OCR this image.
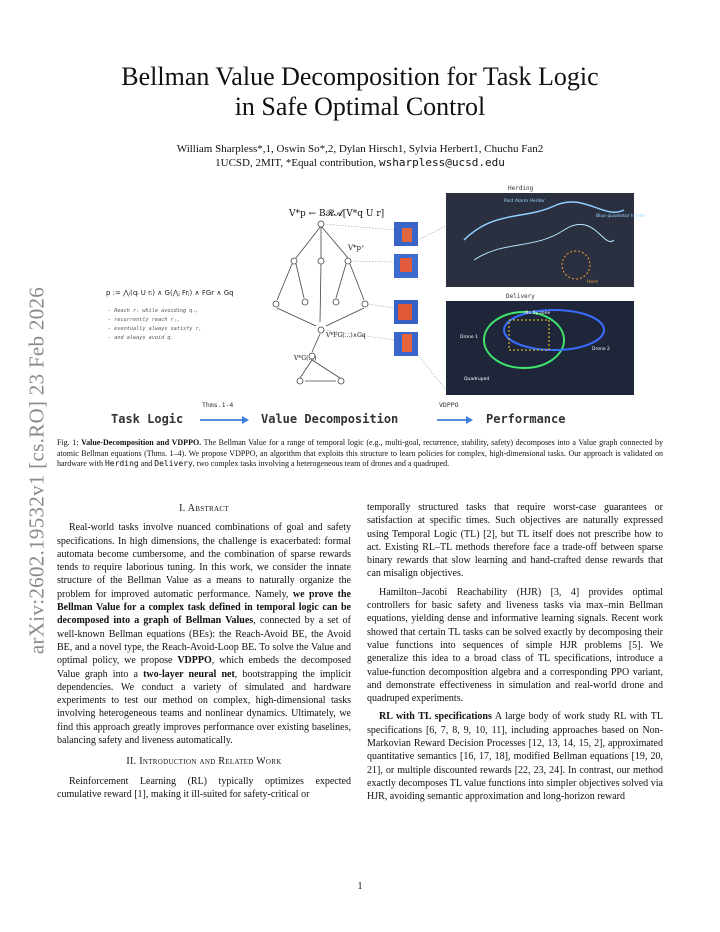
arXiv:2602.19532v1 [cs.RO] 23 Feb 2026
Bellman Value Decomposition for Task Logic
in Safe Optimal Control
William Sharpless*,1, Oswin So*,2, Dylan Hirsch1, Sylvia Herbert1, Chuchu Fan2
1UCSD, 2MIT, *Equal contribution, wsharpless@ucsd.edu
p := ⋀ᵢ(qᵢ U rᵢ) ∧ G(⋀ⱼ Frⱼ) ∧ FGr ∧ Gq
- Reach rᵢ while avoiding qᵢ,
- recurrently reach rⱼ,
- eventually always satisfy r,
- and always avoid q.
V*p ← B𝓡𝓐[V*q U r]
V*p⁺
V*FG(...)∧Gq
V*G(...)
Herding
Post Alarm Herder
Blue quadrotor herder
Herd
Delivery
No fly zone
Drone 1
Drone 2
Quadruped
Task Logic
Thms.1-4
Value Decomposition
VDPPO
Performance
Fig. 1: Value-Decomposition and VDPPO. The Bellman Value for a range of temporal logic (e.g., multi-goal, recurrence, stability, safety) decomposes into a Value graph connected by atomic Bellman equations (Thms. 1–4). We propose VDPPO, an algorithm that exploits this structure to learn policies for complex, high-dimensional tasks. Our approach is validated on hardware with Herding and Delivery, two complex tasks involving a heterogeneous team of drones and a quadruped.
I. Abstract

Real-world tasks involve nuanced combinations of goal and safety specifications. In high dimensions, the challenge is exacerbated: formal automata become cumbersome, and the combination of sparse rewards tends to require laborious tuning. In this work, we consider the innate structure of the Bellman Value as a means to naturally organize the problem for improved automatic performance. Namely, we prove the Bellman Value for a complex task defined in temporal logic can be decomposed into a graph of Bellman Values, connected by a set of well-known Bellman equations (BEs): the Reach-Avoid BE, the Avoid BE, and a novel type, the Reach-Avoid-Loop BE. To solve the Value and optimal policy, we propose VDPPO, which embeds the decomposed Value graph into a two-layer neural net, bootstrapping the implicit dependencies. We conduct a variety of simulated and hardware experiments to test our method on complex, high-dimensional tasks involving heterogeneous teams and nonlinear dynamics. Ultimately, we find this approach greatly improves performance over existing baselines, balancing safety and liveness automatically.

II. Introduction and Related Work

Reinforcement Learning (RL) typically optimizes expected cumulative reward [1], making it ill-suited for safety-critical or

temporally structured tasks that require worst-case guarantees or satisfaction at specific times. Such objectives are naturally expressed using Temporal Logic (TL) [2], but TL itself does not prescribe how to act. Existing RL–TL methods therefore face a trade-off between sparse binary rewards that slow learning and hand-crafted dense rewards that can misalign objectives.

Hamilton–Jacobi Reachability (HJR) [3, 4] provides optimal controllers for basic safety and liveness tasks via max–min Bellman equations, yielding dense and informative learning signals. Recent work showed that certain TL tasks can be solved exactly by decomposing their value functions into sequences of simple HJR problems [5]. We generalize this idea to a broad class of TL specifications, introduce a value-function decomposition algebra and a corresponding PPO variant, and demonstrate effectiveness in simulation and real-world drone and quadruped experiments.

RL with TL specifications A large body of work study RL with TL specifications [6, 7, 8, 9, 10, 11], including approaches based on Non-Markovian Reward Decision Processes [12, 13, 14, 15, 2], approximated quantitative semantics [16, 17, 18], modified Bellman equations [19, 20, 21], or multiple discounted rewards [22, 23, 24]. In contrast, our method exactly decomposes TL value functions into simpler objectives solved via HJR, avoiding semantic approximation and long-horizon reward

1
